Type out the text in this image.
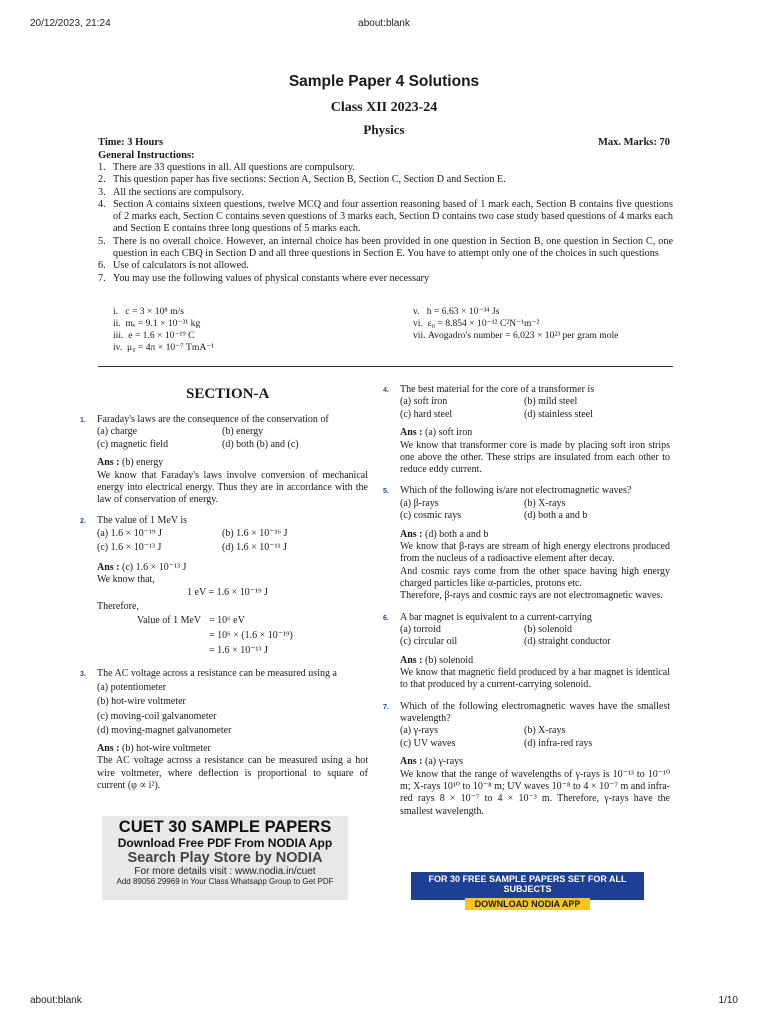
20/12/2023, 21:24	about:blank
Sample Paper 4 Solutions
Class XII 2023-24
Physics
Time: 3 Hours	Max. Marks: 70
General Instructions:
1. There are 33 questions in all. All questions are compulsory.
2. This question paper has five sections: Section A, Section B, Section C, Section D and Section E.
3. All the sections are compulsory.
4. Section A contains sixteen questions, twelve MCQ and four assertion reasoning based of 1 mark each, Section B contains five questions of 2 marks each, Section C contains seven questions of 3 marks each, Section D contains two case study based questions of 4 marks each and Section E contains three long questions of 5 marks each.
5. There is no overall choice. However, an internal choice has been provided in one question in Section B, one question in Section C, one question in each CBQ in Section D and all three questions in Section E. You have to attempt only one of the choices in such questions
6. Use of calculators is not allowed.
7. You may use the following values of physical constants where ever necessary
i. c = 3 × 10⁸ m/s	v. h = 6.63 × 10⁻³⁴ Js
ii. mₑ = 9.1 × 10⁻³¹ kg	vi. ε₀ = 8.854 × 10⁻¹² C²N⁻¹m⁻²
iii. e = 1.6 × 10⁻¹⁹ C	vii. Avogadro's number = 6.023 × 10²³ per gram mole
iv. μ₀ = 4π × 10⁻⁷ TmA⁻¹
SECTION-A
1. Faraday's laws are the consequence of the conservation of

(a) charge	(b) energy
(c) magnetic field	(d) both (b) and (c)
Ans : (b) energy

We know that Faraday's laws involve conversion of mechanical energy into electrical energy. Thus they are in accordance with the law of conservation of energy.

2. The value of 1 MeV is

(a) 1.6 × 10⁻¹⁹ J	(b) 1.6 × 10⁻¹⁶ J
(c) 1.6 × 10⁻¹³ J	(d) 1.6 × 10⁻¹¹ J
Ans : (c) 1.6 × 10⁻¹³ J

We know that,

1 eV = 1.6 × 10⁻¹⁹ J

Therefore,

Value of 1 MeV = 10⁶ eV
= 10⁶ × (1.6 × 10⁻¹⁹)
= 1.6 × 10⁻¹³ J
3. The AC voltage across a resistance can be measured using a

(a) potentiometer

(b) hot-wire voltmeter

(c) moving-coil galvanometer

(d) moving-magnet galvanometer

Ans : (b) hot-wire voltmeter

The AC voltage across a resistance can be measured using a hot wire voltmeter, where deflection is proportional to square of current (φ ∝ i²).

4. The best material for the core of a transformer is

(a) soft iron	(b) mild steel
(c) hard steel	(d) stainless steel
Ans : (a) soft iron

We know that transformer core is made by placing soft iron strips one above the other. These strips are insulated from each other to reduce eddy current.

5. Which of the following is/are not electromagnetic waves?

(a) β-rays	(b) X-rays
(c) cosmic rays	(d) both a and b
Ans : (d) both a and b

We know that β-rays are stream of high energy electrons produced from the nucleus of a radioactive element after decay.

And cosmic rays come from the other space having high energy charged particles like α-particles, protons etc.

Therefore, β-rays and cosmic rays are not electromagnetic waves.

6. A bar magnet is equivalent to a current-carrying

(a) torroid	(b) solenoid
(c) circular oil	(d) straight conductor
Ans : (b) solenoid

We know that magnetic field produced by a bar magnet is identical to that produced by a current-carrying solenoid.

7. Which of the following electromagnetic waves have the smallest wavelength?

(a) γ-rays	(b) X-rays
(c) UV waves	(d) infra-red rays
Ans : (a) γ-rays

We know that the range of wavelengths of γ-rays is 10⁻¹³ to 10⁻¹⁰ m; X-rays 10¹⁰ to 10⁻⁸ m; UV waves 10⁻⁸ to 4 × 10⁻⁷ m and infra-red rays 8 × 10⁻⁷ to 4 × 10⁻³ m. Therefore, γ-rays have the smallest wavelength.

CUET 30 SAMPLE PAPERS
Download Free PDF From NODIA App
Search Play Store by NODIA
For more details visit : www.nodia.in/cuet
Add 89056 29969 in Your Class Whatsapp Group to Get PDF	FOR 30 FREE SAMPLE PAPERS SET FOR ALL SUBJECTS
DOWNLOAD NODIA APP
about:blank	1/10
